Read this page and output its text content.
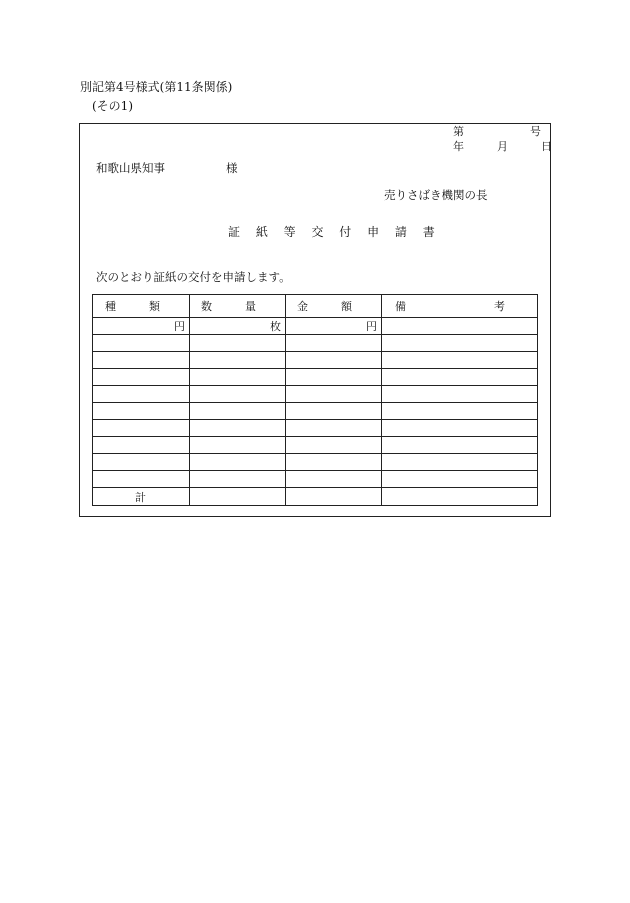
別記第4号様式(第11条関係)
(その1)
第　　　　　　号
年　　　月　　　日
和歌山県知事	様
売りさばき機関の長
証 紙 等 交 付 申 請 書
次のとおり証紙の交付を申請します。
種　　　類	数　　　量	金　　　額	備　　　　　　　　考
円	枚	円
計
